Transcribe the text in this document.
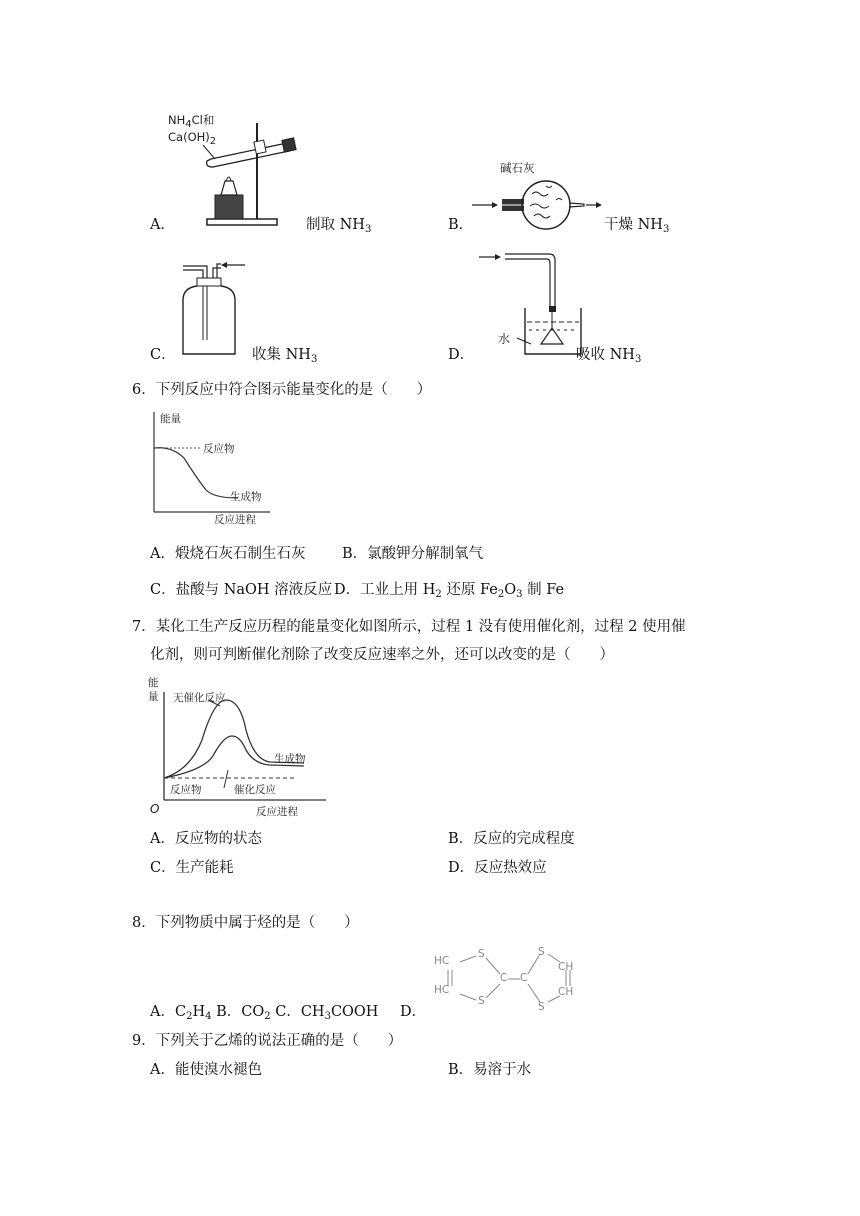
$NH_4Cl$和
$Ca(OH)_2$
A．	制取 $NH_3$
碱石灰
B．	干燥 $NH_3$
C．	收集 $NH_3$
水
D．	吸收 $NH_3$
6．下列反应中符合图示能量变化的是（　　）
能量
反应物
生成物
反应进程
A．煅烧石灰石制生石灰	B．氯酸钾分解制氧气
C．盐酸与 NaOH 溶液反应 D．工业上用 $H_2$ 还原 $Fe_2O_3$ 制 Fe
7．某化工生产反应历程的能量变化如图所示，过程 1 没有使用催化剂，过程 2 使用催
化剂，则可判断催化剂除了改变反应速率之外，还可以改变的是（　　）
能
量 无催化反应
生成物
反应物	催化反应
O	反应进程
A．反应物的状态	B．反应的完成程度
C．生产能耗	D．反应热效应
8．下列物质中属于烃的是（　　）
A．$C_2H_4$ B．$CO_2$ C．$CH_3COOH$ D．
HC
HC
S
S
C C
S
S
CH
CH
9．下列关于乙烯的说法正确的是（　　）
A．能使溴水褪色	B．易溶于水
